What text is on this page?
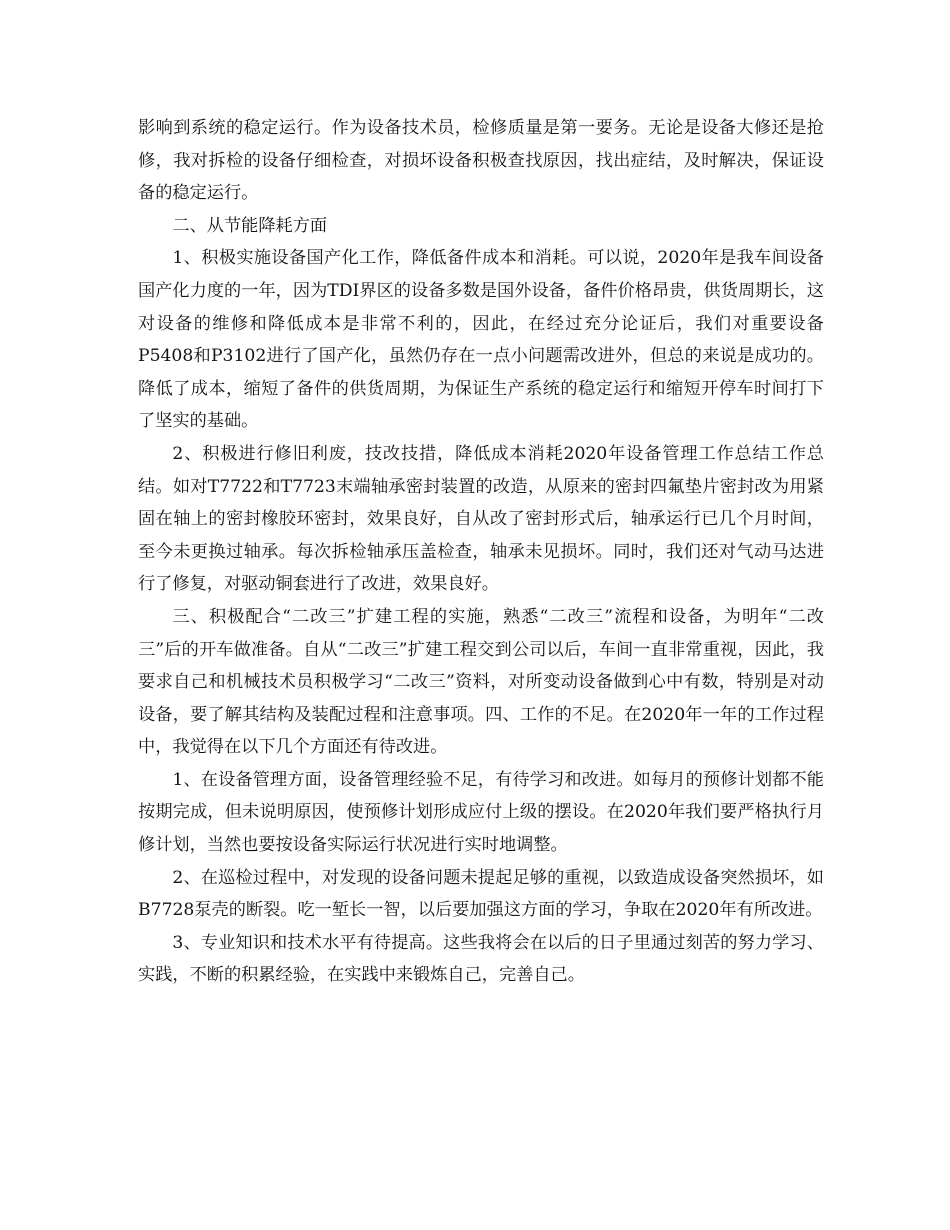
影响到系统的稳定运行。作为设备技术员，检修质量是第一要务。无论是设备大修还是抢修，我对拆检的设备仔细检查，对损坏设备积极查找原因，找出症结，及时解决，保证设备的稳定运行。

二、从节能降耗方面

1、积极实施设备国产化工作，降低备件成本和消耗。可以说，2020年是我车间设备国产化力度的一年，因为TDI界区的设备多数是国外设备，备件价格昂贵，供货周期长，这对设备的维修和降低成本是非常不利的，因此，在经过充分论证后，我们对重要设备P5408和P3102进行了国产化，虽然仍存在一点小问题需改进外，但总的来说是成功的。降低了成本，缩短了备件的供货周期，为保证生产系统的稳定运行和缩短开停车时间打下了坚实的基础。

2、积极进行修旧利废，技改技措，降低成本消耗2020年设备管理工作总结工作总结。如对T7722和T7723末端轴承密封装置的改造，从原来的密封四氟垫片密封改为用紧固在轴上的密封橡胶环密封，效果良好，自从改了密封形式后，轴承运行已几个月时间，至今未更换过轴承。每次拆检轴承压盖检查，轴承未见损坏。同时，我们还对气动马达进行了修复，对驱动铜套进行了改进，效果良好。

三、积极配合“二改三”扩建工程的实施，熟悉“二改三”流程和设备，为明年“二改三”后的开车做准备。自从“二改三”扩建工程交到公司以后，车间一直非常重视，因此，我要求自己和机械技术员积极学习“二改三”资料，对所变动设备做到心中有数，特别是对动设备，要了解其结构及装配过程和注意事项。四、工作的不足。在2020年一年的工作过程中，我觉得在以下几个方面还有待改进。

1、在设备管理方面，设备管理经验不足，有待学习和改进。如每月的预修计划都不能按期完成，但未说明原因，使预修计划形成应付上级的摆设。在2020年我们要严格执行月修计划，当然也要按设备实际运行状况进行实时地调整。

2、在巡检过程中，对发现的设备问题未提起足够的重视，以致造成设备突然损坏，如B7728泵壳的断裂。吃一堑长一智，以后要加强这方面的学习，争取在2020年有所改进。

3、专业知识和技术水平有待提高。这些我将会在以后的日子里通过刻苦的努力学习、实践，不断的积累经验，在实践中来锻炼自己，完善自己。
